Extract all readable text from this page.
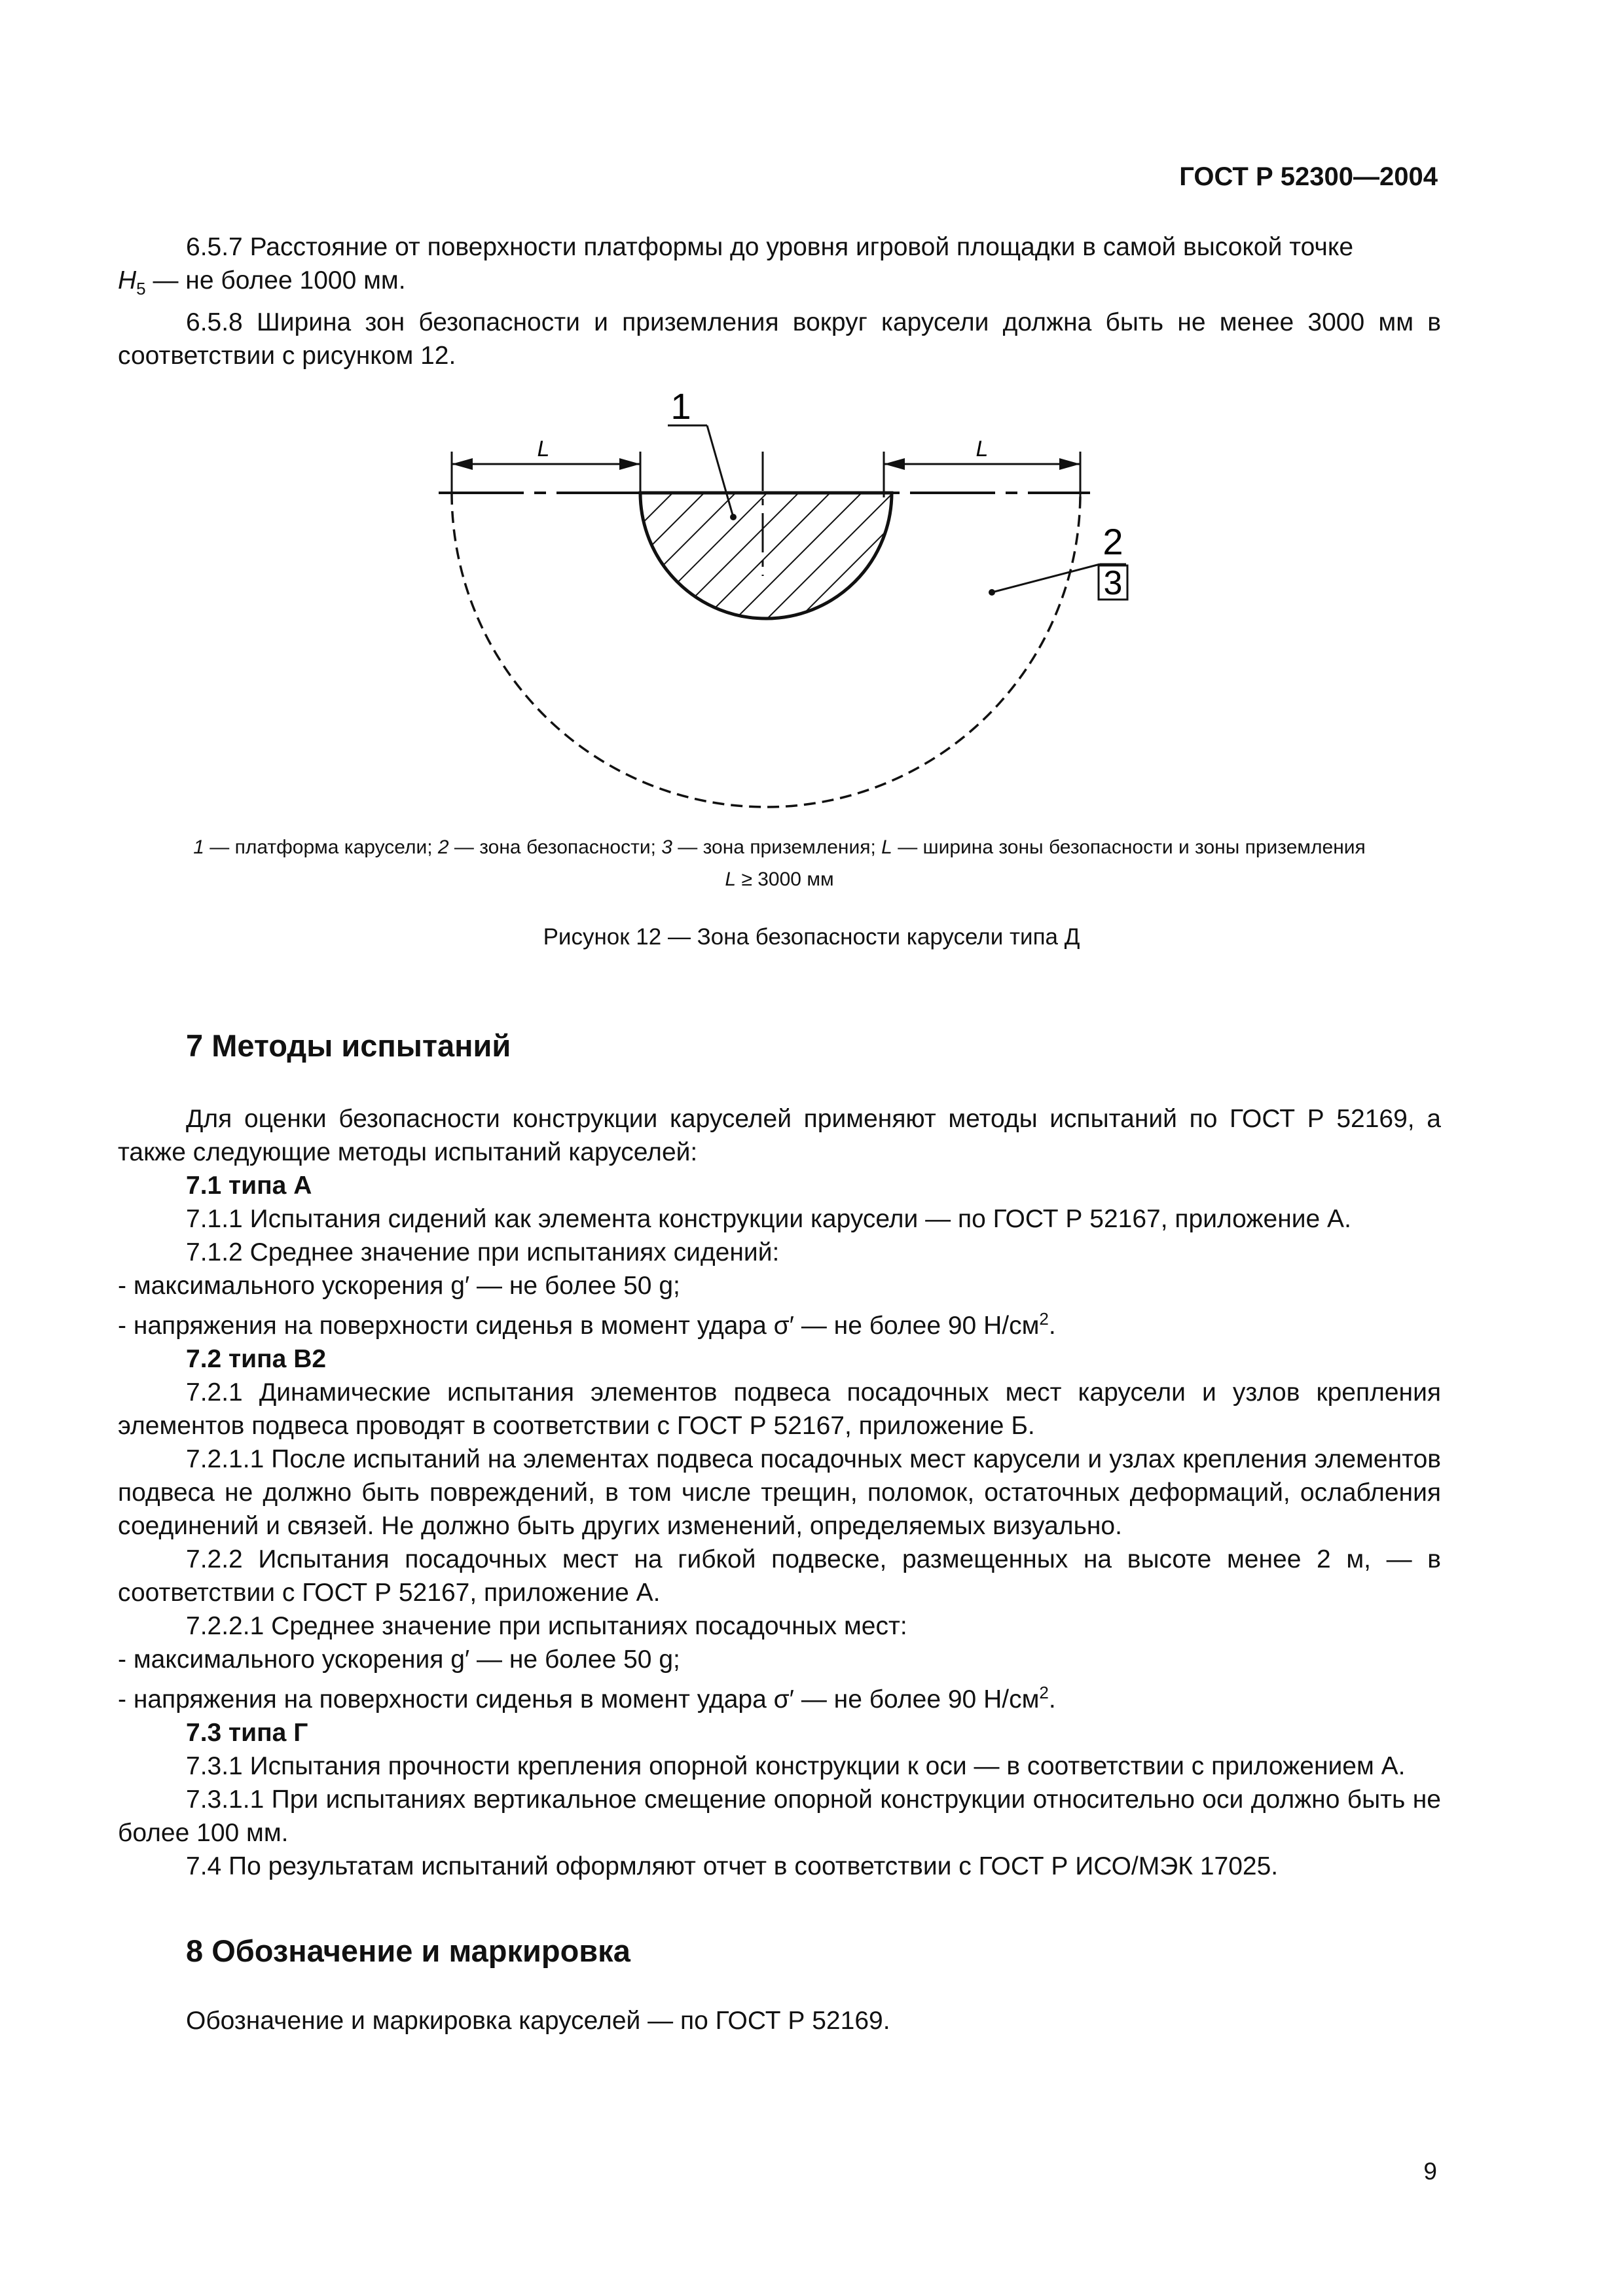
ГОСТ Р 52300—2004

6.5.7 Расстояние от поверхности платформы до уровня игровой площадки в самой высокой точке

$H_5$ — не более 1000 мм.

6.5.8 Ширина зон безопасности и приземления вокруг карусели должна быть не менее 3000 мм в соответствии с рисунком 12.

L	L
1
2
3
1 — платформа карусели; 2 — зона безопасности; 3 — зона приземления; L — ширина зоны безопасности и зоны приземления
L ≥ 3000 мм
Рисунок 12 — Зона безопасности карусели типа Д
7 Методы испытаний

Для оценки безопасности конструкции каруселей применяют методы испытаний по ГОСТ Р 52169, а также следующие методы испытаний каруселей:

7.1 типа А

7.1.1 Испытания сидений как элемента конструкции карусели — по ГОСТ Р 52167, приложение А.

7.1.2 Среднее значение при испытаниях сидений:

- максимального ускорения g′ — не более 50 g;

- напряжения на поверхности сиденья в момент удара σ′ — не более 90 $Н/см^2$.

7.2 типа В2

7.2.1 Динамические испытания элементов подвеса посадочных мест карусели и узлов крепления элементов подвеса проводят в соответствии с ГОСТ Р 52167, приложение Б.

7.2.1.1 После испытаний на элементах подвеса посадочных мест карусели и узлах крепления элементов подвеса не должно быть повреждений, в том числе трещин, поломок, остаточных деформаций, ослабления соединений и связей. Не должно быть других изменений, определяемых визуально.

7.2.2 Испытания посадочных мест на гибкой подвеске, размещенных на высоте менее 2 м, — в соответствии с ГОСТ Р 52167, приложение А.

7.2.2.1 Среднее значение при испытаниях посадочных мест:

- максимального ускорения g′ — не более 50 g;

- напряжения на поверхности сиденья в момент удара σ′ — не более 90 $Н/см^2$.

7.3 типа Г

7.3.1 Испытания прочности крепления опорной конструкции к оси — в соответствии с приложением А.

7.3.1.1 При испытаниях вертикальное смещение опорной конструкции относительно оси должно быть не более 100 мм.

7.4 По результатам испытаний оформляют отчет в соответствии с ГОСТ Р ИСО/МЭК 17025.

8 Обозначение и маркировка

Обозначение и маркировка каруселей — по ГОСТ Р 52169.

9
